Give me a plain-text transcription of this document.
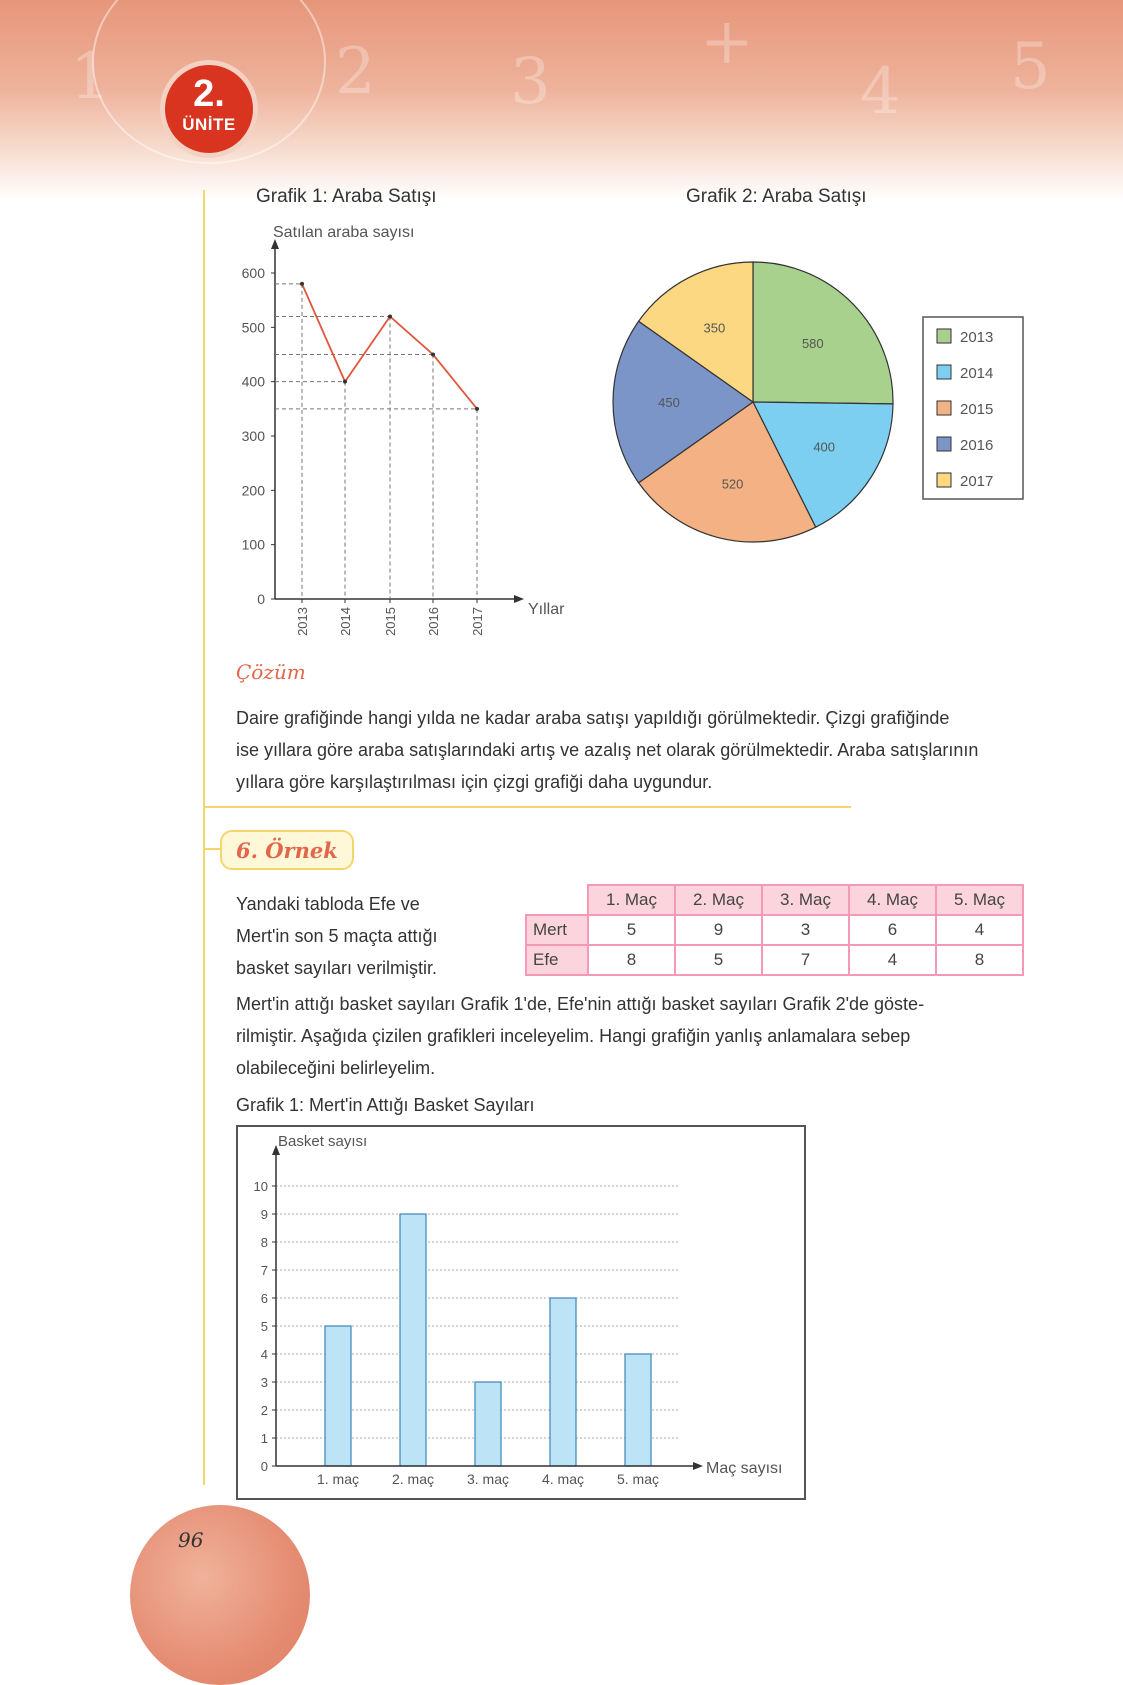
1	2 3
+
4 5
2.
ÜNİTE
Grafik 1: Araba Satışı	Grafik 2: Araba Satışı
Satılan araba sayısı
Yıllar
0
100
200
300
400
500
600
2013 2014 2015 2016 2017
580
400
520
450
350
2013
2014
2015
2016
2017
Çözüm
Daire grafiğinde hangi yılda ne kadar araba satışı yapıldığı görülmektedir. Çizgi grafiğinde
ise yıllara göre araba satışlarındaki artış ve azalış net olarak görülmektedir. Araba satışlarının
yıllara göre karşılaştırılması için çizgi grafiği daha uygundur.
6. Örnek
Yandaki tabloda Efe ve
Mert'in son 5 maçta attığı
basket sayıları verilmiştir.
	1. Maç	2. Maç	3. Maç	4. Maç	5. Maç
Mert	5	9	3	6	4
Efe	8	5	7	4	8
Mert'in attığı basket sayıları Grafik 1'de, Efe'nin attığı basket sayıları Grafik 2'de göste-
rilmiştir. Aşağıda çizilen grafikleri inceleyelim. Hangi grafiğin yanlış anlamalara sebep
olabileceğini belirleyelim.
Grafik 1: Mert'in Attığı Basket Sayıları
Basket sayısı
Maç sayısı
0
1
2
3
4
5
6
7
8
9
10
1. maç 2. maç 3. maç 4. maç 5. maç
96
